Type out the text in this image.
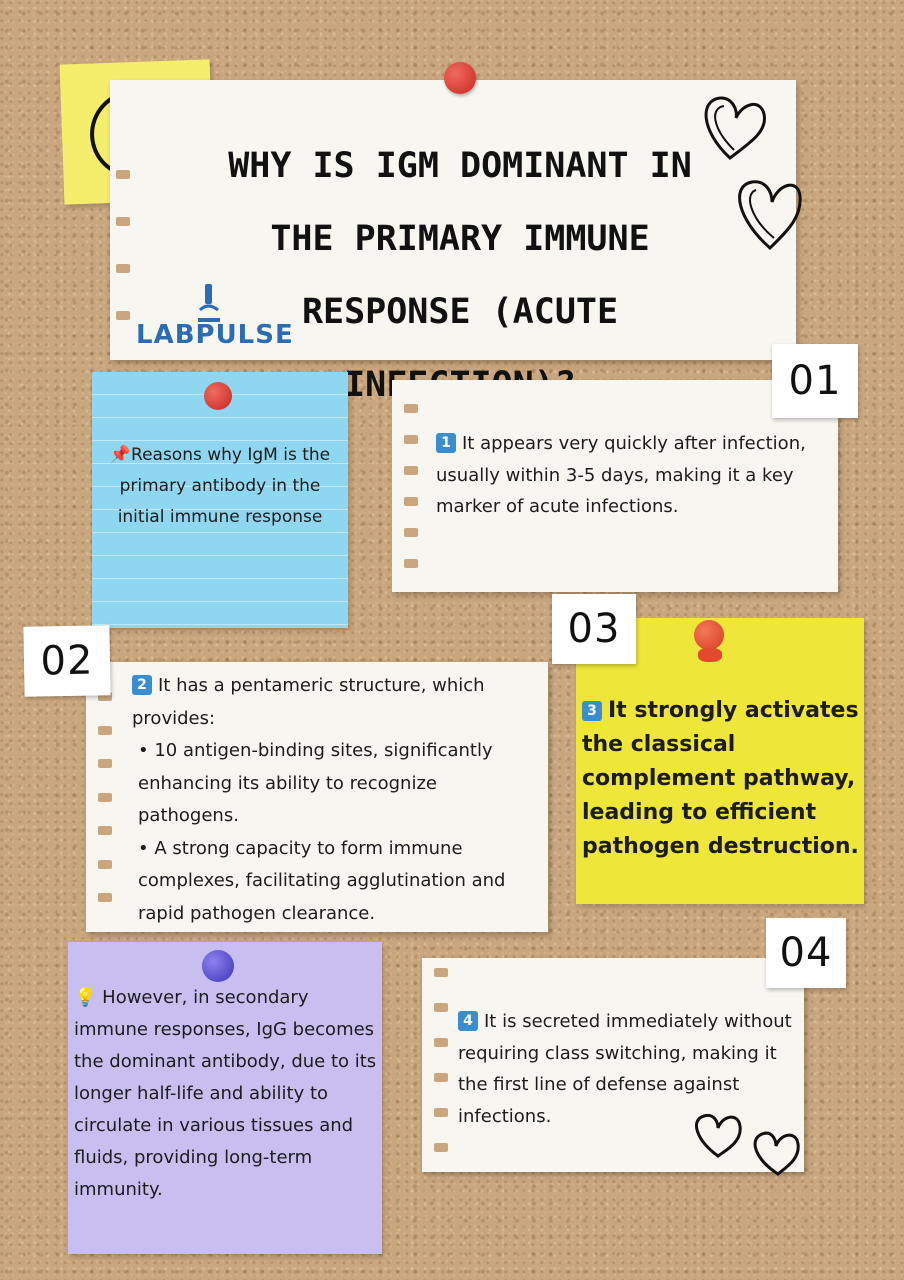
WHY IS IGM DOMINANT IN THE PRIMARY IMMUNE RESPONSE (ACUTE
LABPULSE
📌Reasons why IgM is the primary antibody in the initial immune response
1 It appears very quickly after infection, usually within 3-5 days, making it a key marker of acute infections.
01
2 It has a pentameric structure, which provides:
• 10 antigen-binding sites, significantly enhancing its ability to recognize pathogens.
• A strong capacity to form immune complexes, facilitating agglutination and rapid pathogen clearance.
02
3 It strongly activates the classical complement pathway, leading to efficient pathogen destruction.
03
💡 However, in secondary immune responses, IgG becomes the dominant antibody, due to its longer half-life and ability to circulate in various tissues and fluids, providing long-term immunity.
4 It is secreted immediately without requiring class switching, making it the first line of defense against infections.
04
